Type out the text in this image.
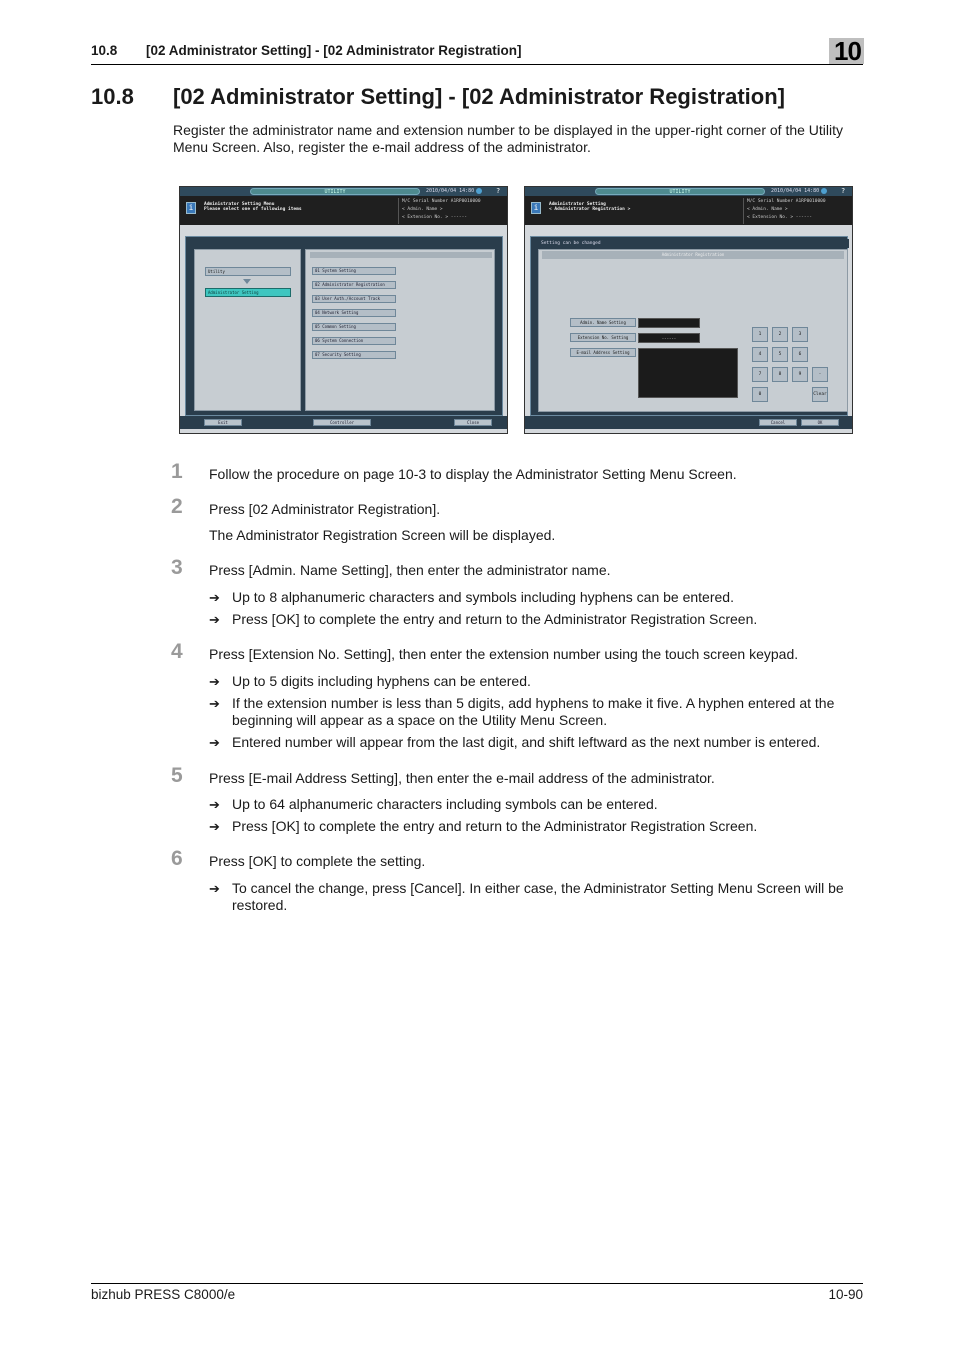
10.8 [02 Administrator Setting] - [02 Administrator Registration]	10
10.8 [02 Administrator Setting] - [02 Administrator Registration]

Register the administrator name and extension number to be displayed in the upper-right corner of the Utility Menu Screen. Also, register the e-mail address of the administrator.

UTILITY	2010/04/04 14:80	?
i	Administrator Setting Menu
Please select one of following items
M/C Serial Number A1RP0010000
< Admin. Name >
< Extension No. > ------
Utility
Administrator Setting
01 System Setting
02 Administrator Registration
03 User Auth./Account Track
04 Network Setting
05 Common Setting
06 System Connection
07 Security Setting
Exit	Controller	Close
UTILITY	2010/04/04 14:80	?
i	Administrator Setting
< Administrator Registration >
M/C Serial Number A1RP0010000
< Admin. Name >
< Extension No. > ------
Setting can be changed
Administrator Registration
Admin. Name Setting
Extension No. Setting	------
E-mail Address Setting
1	2	3
4	5	6
7	8	9	-
0	Clear
Cancel	OK
1 Follow the procedure on page 10-3 to display the Administrator Setting Menu Screen.
2 Press [02 Administrator Registration].
The Administrator Registration Screen will be displayed.
3 Press [Admin. Name Setting], then enter the administrator name.
➔ Up to 8 alphanumeric characters and symbols including hyphens can be entered.
➔ Press [OK] to complete the entry and return to the Administrator Registration Screen.
4 Press [Extension No. Setting], then enter the extension number using the touch screen keypad.
➔ Up to 5 digits including hyphens can be entered.
➔ If the extension number is less than 5 digits, add hyphens to make it five. A hyphen entered at the beginning will appear as a space on the Utility Menu Screen.
➔ Entered number will appear from the last digit, and shift leftward as the next number is entered.
5 Press [E-mail Address Setting], then enter the e-mail address of the administrator.
➔ Up to 64 alphanumeric characters including symbols can be entered.
➔ Press [OK] to complete the entry and return to the Administrator Registration Screen.
6 Press [OK] to complete the setting.
➔ To cancel the change, press [Cancel]. In either case, the Administrator Setting Menu Screen will be restored.
bizhub PRESS C8000/e	10-90
